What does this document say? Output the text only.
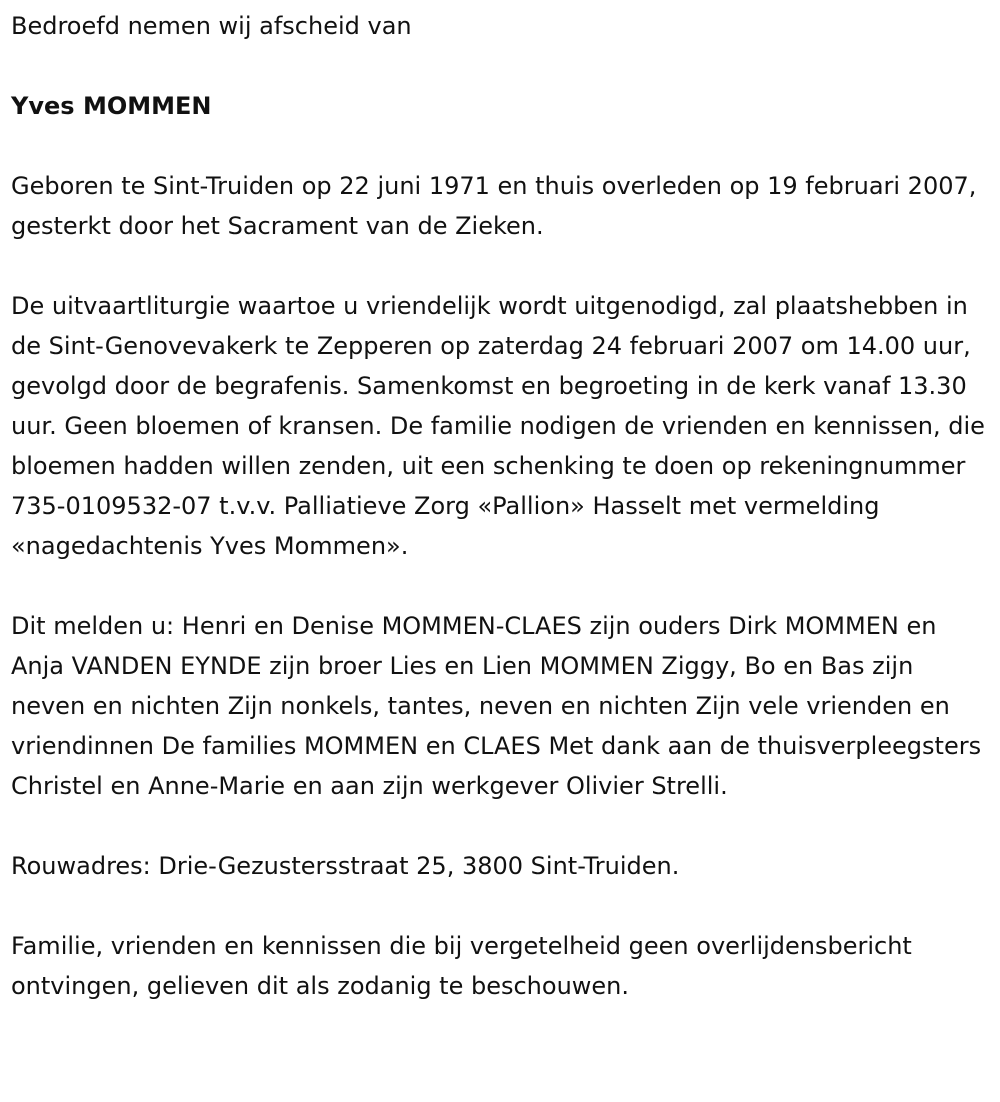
Bedroefd nemen wij afscheid van

Yves MOMMEN

Geboren te Sint-Truiden op 22 juni 1971 en thuis overleden op 19 februari 2007, gesterkt door het Sacrament van de Zieken.

De uitvaartliturgie waartoe u vriendelijk wordt uitgenodigd, zal plaatshebben in de Sint-Genovevakerk te Zepperen op zaterdag 24 februari 2007 om 14.00 uur, gevolgd door de begrafenis. Samenkomst en begroeting in de kerk vanaf 13.30 uur. Geen bloemen of kransen. De familie nodigen de vrienden en kennissen, die bloemen hadden willen zenden, uit een schenking te doen op rekeningnummer 735-0109532-07 t.v.v. Palliatieve Zorg «Pallion» Hasselt met vermelding «nagedachtenis Yves Mommen».

Dit melden u: Henri en Denise MOMMEN-CLAES zijn ouders Dirk MOMMEN en Anja VANDEN EYNDE zijn broer Lies en Lien MOMMEN Ziggy, Bo en Bas zijn neven en nichten Zijn nonkels, tantes, neven en nichten Zijn vele vrienden en vriendinnen De families MOMMEN en CLAES Met dank aan de thuisverpleegsters Christel en Anne-Marie en aan zijn werkgever Olivier Strelli.

Rouwadres: Drie-Gezustersstraat 25, 3800 Sint-Truiden.

Familie, vrienden en kennissen die bij vergetelheid geen overlijdensbericht ontvingen, gelieven dit als zodanig te beschouwen.
